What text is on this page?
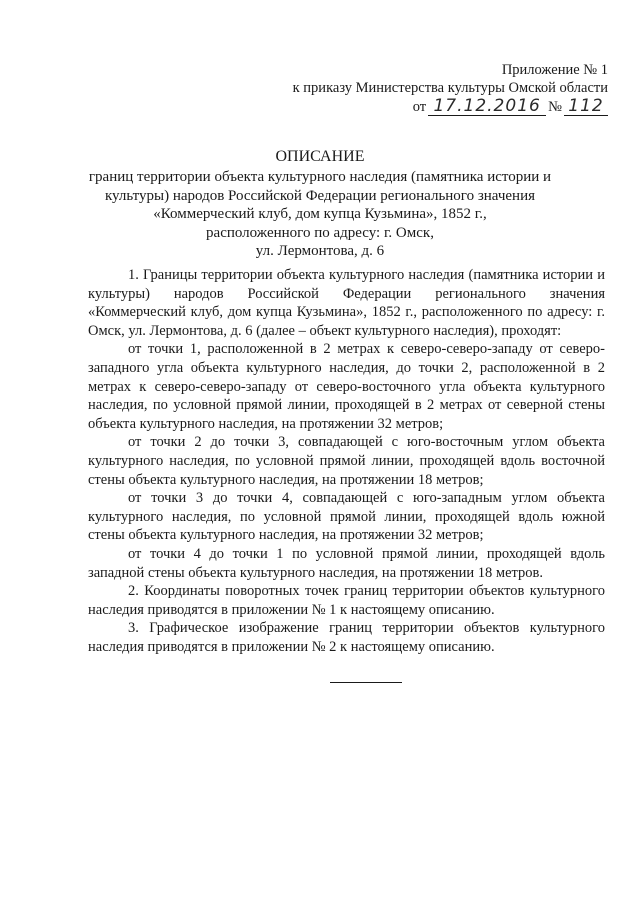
Приложение № 1
к приказу Министерства культуры Омской области
от 17.12.2016 № 112
ОПИСАНИЕ
границ территории объекта культурного наследия (памятника истории и
культуры) народов Российской Федерации регионального значения
«Коммерческий клуб, дом купца Кузьмина», 1852 г.,
расположенного по адресу: г. Омск,
ул. Лермонтова, д. 6

1. Границы территории объекта культурного наследия (памятника истории и культуры) народов Российской Федерации регионального значения «Коммерческий клуб, дом купца Кузьмина», 1852 г., расположенного по адресу: г. Омск, ул. Лермонтова, д. 6 (далее – объект культурного наследия), проходят:

от точки 1, расположенной в 2 метрах к северо-северо-западу от северо-западного угла объекта культурного наследия, до точки 2, расположенной в 2 метрах к северо-северо-западу от северо-восточного угла объекта культурного наследия, по условной прямой линии, проходящей в 2 метрах от северной стены объекта культурного наследия, на протяжении 32 метров;

от точки 2 до точки 3, совпадающей с юго-восточным углом объекта культурного наследия, по условной прямой линии, проходящей вдоль восточной стены объекта культурного наследия, на протяжении 18 метров;

от точки 3 до точки 4, совпадающей с юго-западным углом объекта культурного наследия, по условной прямой линии, проходящей вдоль южной стены объекта культурного наследия, на протяжении 32 метров;

от точки 4 до точки 1 по условной прямой линии, проходящей вдоль западной стены объекта культурного наследия, на протяжении 18 метров.

2. Координаты поворотных точек границ территории объектов культурного наследия приводятся в приложении № 1 к настоящему описанию.

3. Графическое изображение границ территории объектов культурного наследия приводятся в приложении № 2 к настоящему описанию.
